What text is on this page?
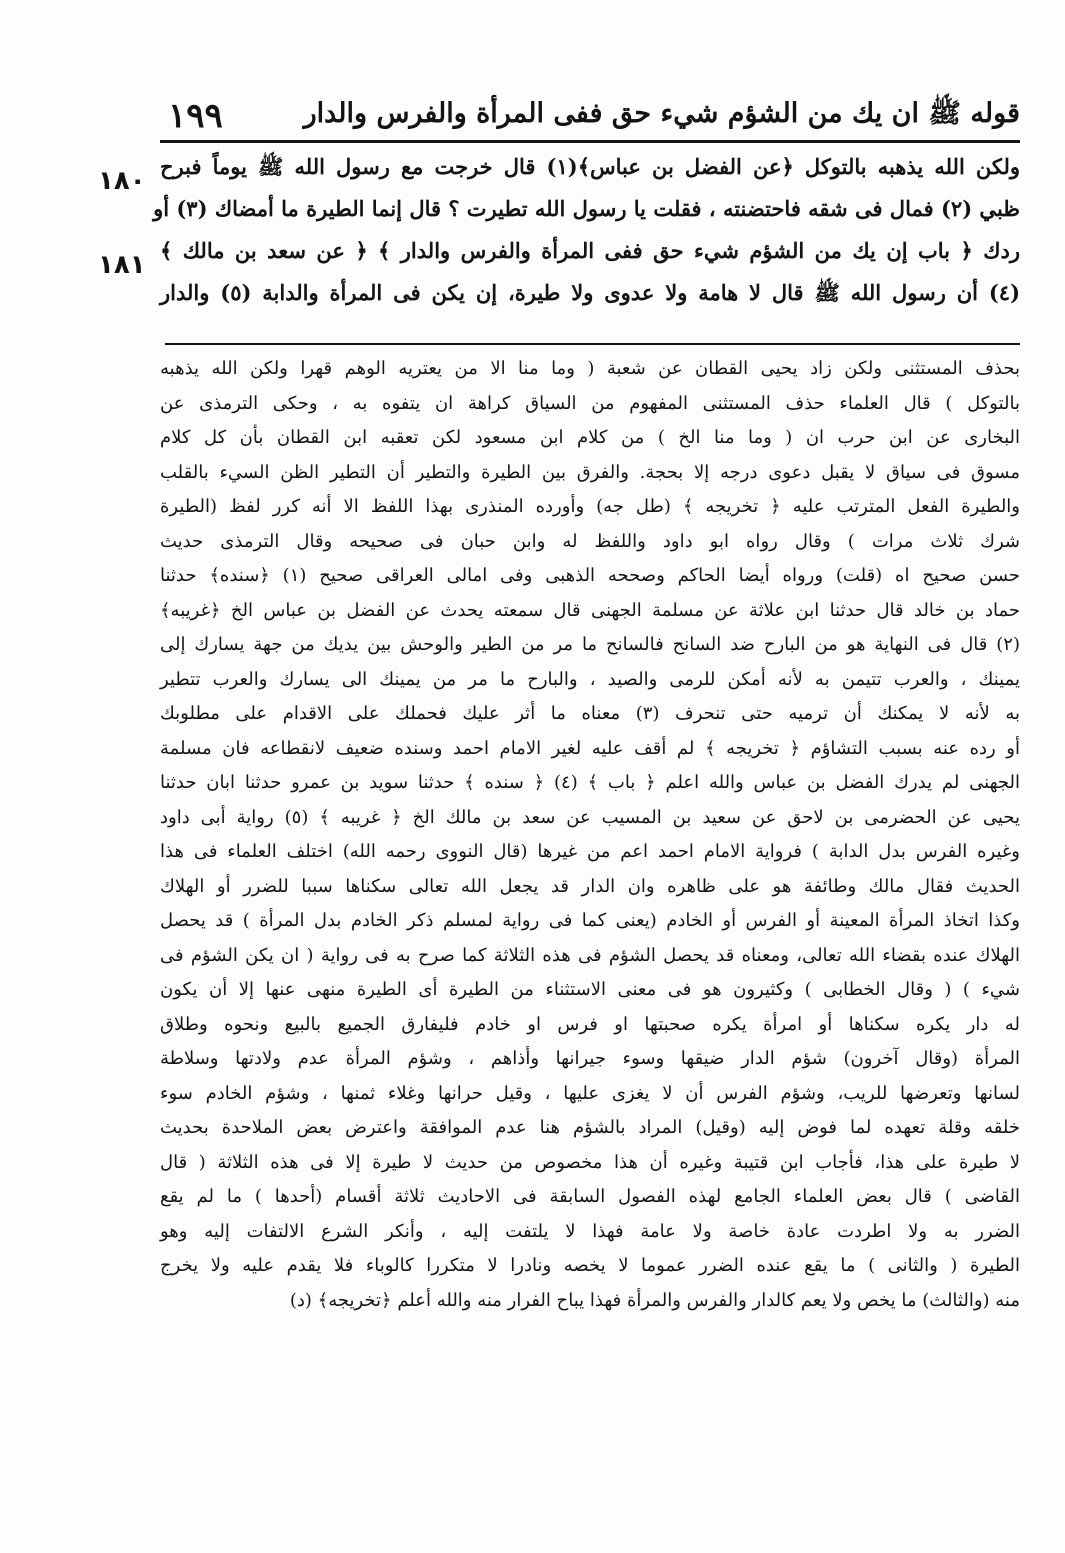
قوله ﷺ ان يك من الشؤم شيء حق ففى المرأة والفرس والدار
١٩٩
١٨٠
١٨١
ولكن الله يذهبه بالتوكل ﴿عن الفضل بن عباس﴾(١) قال خرجت مع رسول الله ﷺ يوماً فبرح
ظبي (٢) فمال فى شقه فاحتضنته ، فقلت يا رسول الله تطيرت ؟ قال إنما الطيرة ما أمضاك (٣) أو
ردك ﴿ باب إن يك من الشؤم شيء حق ففى المرأة والفرس والدار ﴾ ﴿ عن سعد بن مالك ﴾
(٤) أن رسول الله ﷺ قال لا هامة ولا عدوى ولا طيرة، إن يكن فى المرأة والدابة (٥) والدار
بحذف المستثنى ولكن زاد يحيى القطان عن شعبة ( وما منا الا من يعتريه الوهم قهرا ولكن الله يذهبه
بالتوكل ) قال العلماء حذف المستثنى المفهوم من السياق كراهة ان يتفوه به ، وحكى الترمذى عن
البخارى عن ابن حرب ان ( وما منا الخ ) من كلام ابن مسعود لكن تعقبه ابن القطان بأن كل كلام
مسوق فى سياق لا يقبل دعوى درجه إلا بحجة. والفرق بين الطيرة والتطير أن التطير الظن السيء بالقلب
والطيرة الفعل المترتب عليه ﴿ تخريجه ﴾ (طل جه) وأورده المنذرى بهذا اللفظ الا أنه كرر لفظ (الطيرة
شرك ثلاث مرات ) وقال رواه ابو داود واللفظ له وابن حبان فى صحيحه وقال الترمذى حديث
حسن صحيح اه (قلت) ورواه أيضا الحاكم وصححه الذهبى وفى امالى العراقى صحيح (١) ﴿سنده﴾ حدثنا
حماد بن خالد قال حدثنا ابن علاثة عن مسلمة الجهنى قال سمعته يحدث عن الفضل بن عباس الخ ﴿غريبه﴾
(٢) قال فى النهاية هو من البارح ضد السانح فالسانح ما مر من الطير والوحش بين يديك من جهة يسارك إلى
يمينك ، والعرب تتيمن به لأنه أمكن للرمى والصيد ، والبارح ما مر من يمينك الى يسارك والعرب تتطير
به لأنه لا يمكنك أن ترميه حتى تنحرف (٣) معناه ما أثر عليك فحملك على الاقدام على مطلوبك
أو رده عنه بسبب التشاؤم ﴿ تخريجه ﴾ لم أقف عليه لغير الامام احمد وسنده ضعيف لانقطاعه فان مسلمة
الجهنى لم يدرك الفضل بن عباس والله اعلم ﴿ باب ﴾ (٤) ﴿ سنده ﴾ حدثنا سويد بن عمرو حدثنا ابان حدثنا
يحيى عن الحضرمى بن لاحق عن سعيد بن المسيب عن سعد بن مالك الخ ﴿ غريبه ﴾ (٥) رواية أبى داود
وغيره الفرس بدل الدابة ) فرواية الامام احمد اعم من غيرها (قال النووى رحمه الله) اختلف العلماء فى هذا
الحديث فقال مالك وطائفة هو على ظاهره وان الدار قد يجعل الله تعالى سكناها سببا للضرر أو الهلاك
وكذا اتخاذ المرأة المعينة أو الفرس أو الخادم (يعنى كما فى رواية لمسلم ذكر الخادم بدل المرأة ) قد يحصل
الهلاك عنده بقضاء الله تعالى، ومعناه قد يحصل الشؤم فى هذه الثلاثة كما صرح به فى رواية ( ان يكن الشؤم فى
شيء ) ( وقال الخطابى ) وكثيرون هو فى معنى الاستثناء من الطيرة أى الطيرة منهى عنها إلا أن يكون
له دار يكره سكناها أو امرأة يكره صحبتها او فرس او خادم فليفارق الجميع بالبيع ونحوه وطلاق
المرأة (وقال آخرون) شؤم الدار ضيقها وسوء جيرانها وأذاهم ، وشؤم المرأة عدم ولادتها وسلاطة
لسانها وتعرضها للريب، وشؤم الفرس أن لا يغزى عليها ، وقيل حرانها وغلاء ثمنها ، وشؤم الخادم سوء
خلقه وقلة تعهده لما فوض إليه (وقيل) المراد بالشؤم هنا عدم الموافقة واعترض بعض الملاحدة بحديث
لا طيرة على هذا، فأجاب ابن قتيبة وغيره أن هذا مخصوص من حديث لا طيرة إلا فى هذه الثلاثة ( قال
القاضى ) قال بعض العلماء الجامع لهذه الفصول السابقة فى الاحاديث ثلاثة أقسام (أحدها ) ما لم يقع
الضرر به ولا اطردت عادة خاصة ولا عامة فهذا لا يلتفت إليه ، وأنكر الشرع الالتفات إليه وهو
الطيرة ( والثانى ) ما يقع عنده الضرر عموما لا يخصه ونادرا لا متكررا كالوباء فلا يقدم عليه ولا يخرج
منه (والثالث) ما يخص ولا يعم كالدار والفرس والمرأة فهذا يباح الفرار منه والله أعلم ﴿تخريجه﴾ (د)
